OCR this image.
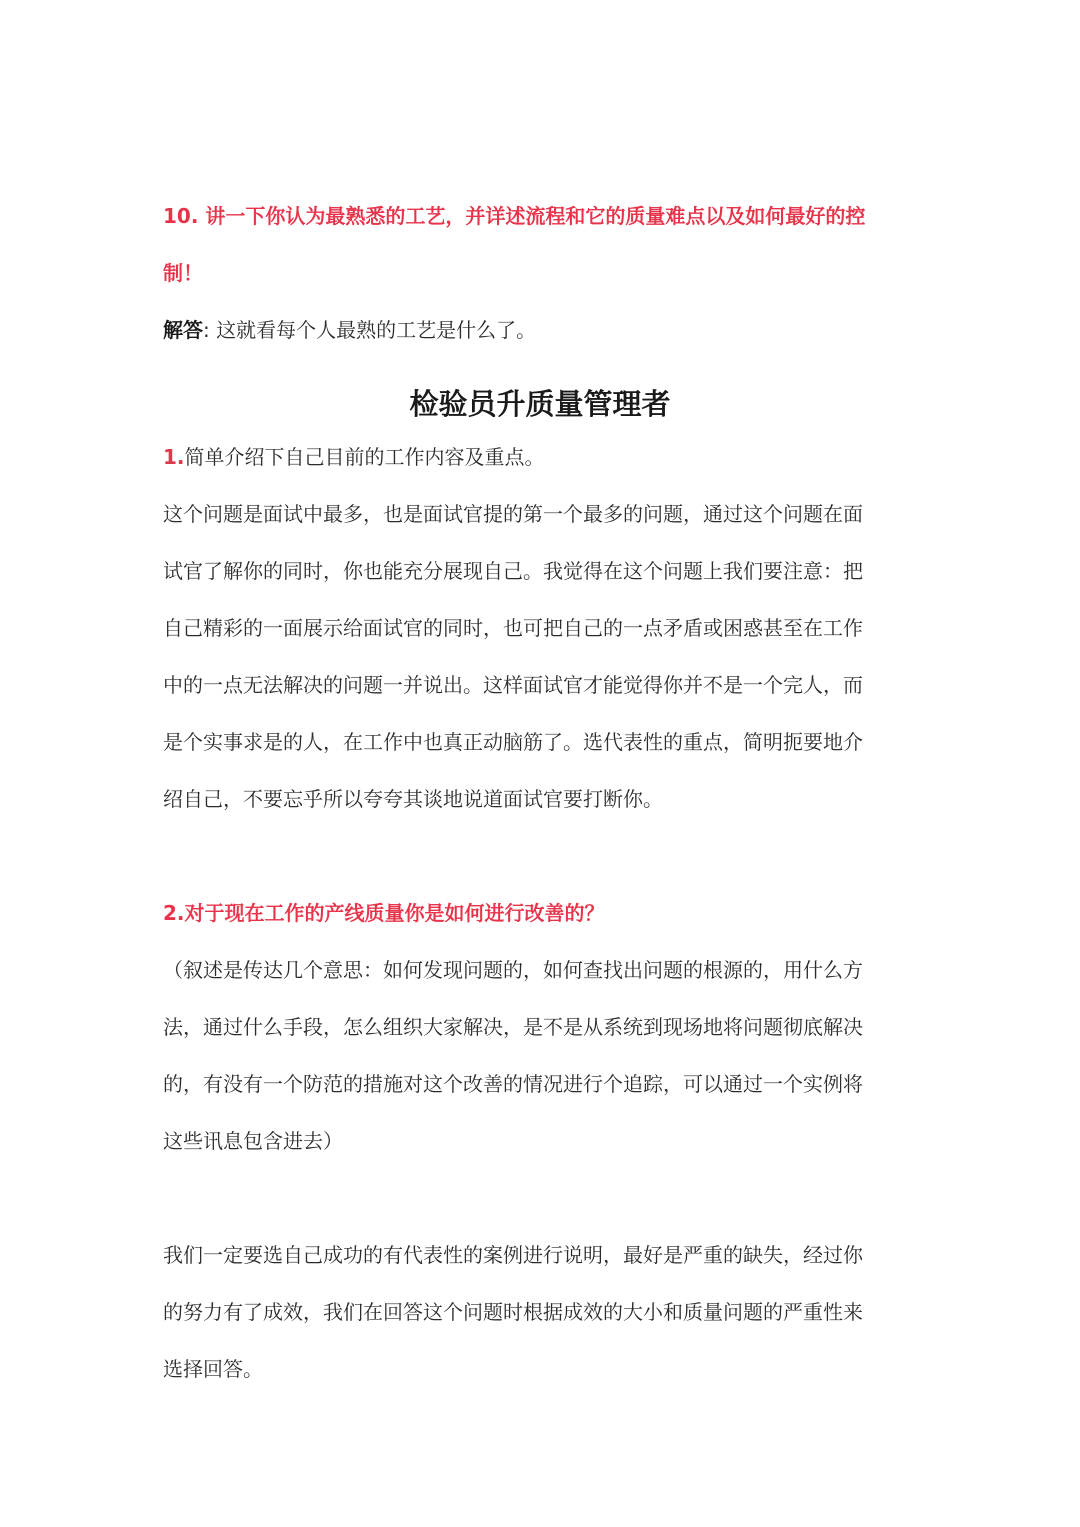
10. 讲一下你认为最熟悉的工艺，并详述流程和它的质量难点以及如何最好的控
制！

解答: 这就看每个人最熟的工艺是什么了。

检验员升质量管理者

1.简单介绍下自己目前的工作内容及重点。

这个问题是面试中最多，也是面试官提的第一个最多的问题，通过这个问题在面
试官了解你的同时，你也能充分展现自己。我觉得在这个问题上我们要注意：把
自己精彩的一面展示给面试官的同时，也可把自己的一点矛盾或困惑甚至在工作
中的一点无法解决的问题一并说出。这样面试官才能觉得你并不是一个完人，而
是个实事求是的人，在工作中也真正动脑筋了。选代表性的重点，简明扼要地介
绍自己，不要忘乎所以夸夸其谈地说道面试官要打断你。

2.对于现在工作的产线质量你是如何进行改善的？

（叙述是传达几个意思：如何发现问题的，如何查找出问题的根源的，用什么方
法，通过什么手段，怎么组织大家解决，是不是从系统到现场地将问题彻底解决
的，有没有一个防范的措施对这个改善的情况进行个追踪，可以通过一个实例将
这些讯息包含进去）

我们一定要选自己成功的有代表性的案例进行说明，最好是严重的缺失，经过你
的努力有了成效，我们在回答这个问题时根据成效的大小和质量问题的严重性来
选择回答。
